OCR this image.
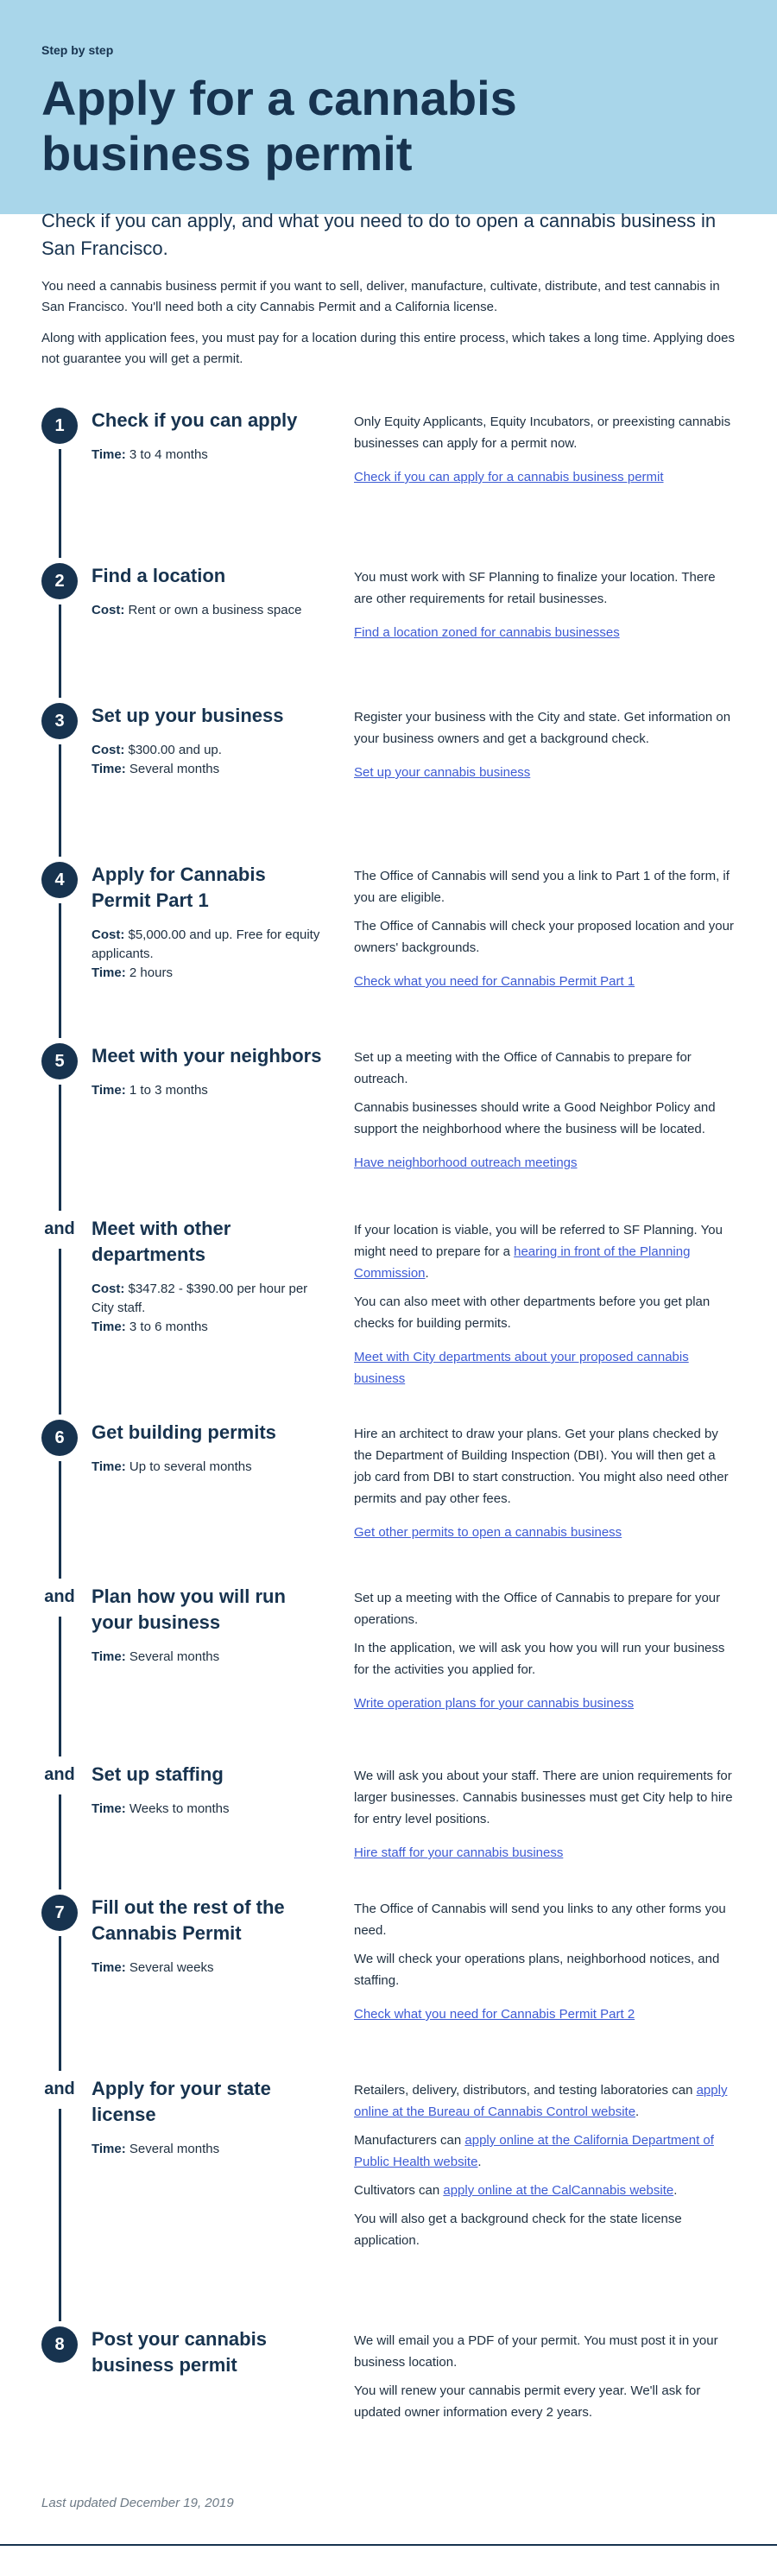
Step by step
Apply for a cannabis business permit

Check if you can apply, and what you need to do to open a cannabis business in San Francisco.

You need a cannabis business permit if you want to sell, deliver, manufacture, cultivate, distribute, and test cannabis in San Francisco. You'll need both a city Cannabis Permit and a California license.

Along with application fees, you must pay for a location during this entire process, which takes a long time. Applying does not guarantee you will get a permit.

1	Check if you can apply
Time: 3 to 4 months

Only Equity Applicants, Equity Incubators, or preexisting cannabis businesses can apply for a permit now.

Check if you can apply for a cannabis business permit
2	Find a location
Cost: Rent or own a business space

You must work with SF Planning to finalize your location. There are other requirements for retail businesses.

Find a location zoned for cannabis businesses
3	Set up your business
Cost: $300.00 and up.
Time: Several months

Register your business with the City and state. Get information on your business owners and get a background check.

Set up your cannabis business
4	Apply for Cannabis Permit Part 1
Cost: $5,000.00 and up. Free for equity applicants.
Time: 2 hours

The Office of Cannabis will send you a link to Part 1 of the form, if you are eligible.

The Office of Cannabis will check your proposed location and your owners' backgrounds.

Check what you need for Cannabis Permit Part 1
5	Meet with your neighbors
Time: 1 to 3 months

Set up a meeting with the Office of Cannabis to prepare for outreach.

Cannabis businesses should write a Good Neighbor Policy and support the neighborhood where the business will be located.

Have neighborhood outreach meetings
and Meet with other departments
Cost: $347.82 - $390.00 per hour per City staff.
Time: 3 to 6 months

If your location is viable, you will be referred to SF Planning. You might need to prepare for a hearing in front of the Planning Commission.

You can also meet with other departments before you get plan checks for building permits.

Meet with City departments about your proposed cannabis business
6	Get building permits
Time: Up to several months

Hire an architect to draw your plans. Get your plans checked by the Department of Building Inspection (DBI). You will then get a job card from DBI to start construction. You might also need other permits and pay other fees.

Get other permits to open a cannabis business
and Plan how you will run your business
Time: Several months

Set up a meeting with the Office of Cannabis to prepare for your operations.

In the application, we will ask you how you will run your business for the activities you applied for.

Write operation plans for your cannabis business
and Set up staffing
Time: Weeks to months

We will ask you about your staff. There are union requirements for larger businesses. Cannabis businesses must get City help to hire for entry level positions.

Hire staff for your cannabis business
7	Fill out the rest of the Cannabis Permit
Time: Several weeks

The Office of Cannabis will send you links to any other forms you need.

We will check your operations plans, neighborhood notices, and staffing.

Check what you need for Cannabis Permit Part 2
and Apply for your state license
Time: Several months

Retailers, delivery, distributors, and testing laboratories can apply online at the Bureau of Cannabis Control website.

Manufacturers can apply online at the California Department of Public Health website.

Cultivators can apply online at the CalCannabis website.

You will also get a background check for the state license application.

8	Post your cannabis business permit

We will email you a PDF of your permit. You must post it in your business location.

You will renew your cannabis permit every year. We'll ask for updated owner information every 2 years.

Last updated December 19, 2019
